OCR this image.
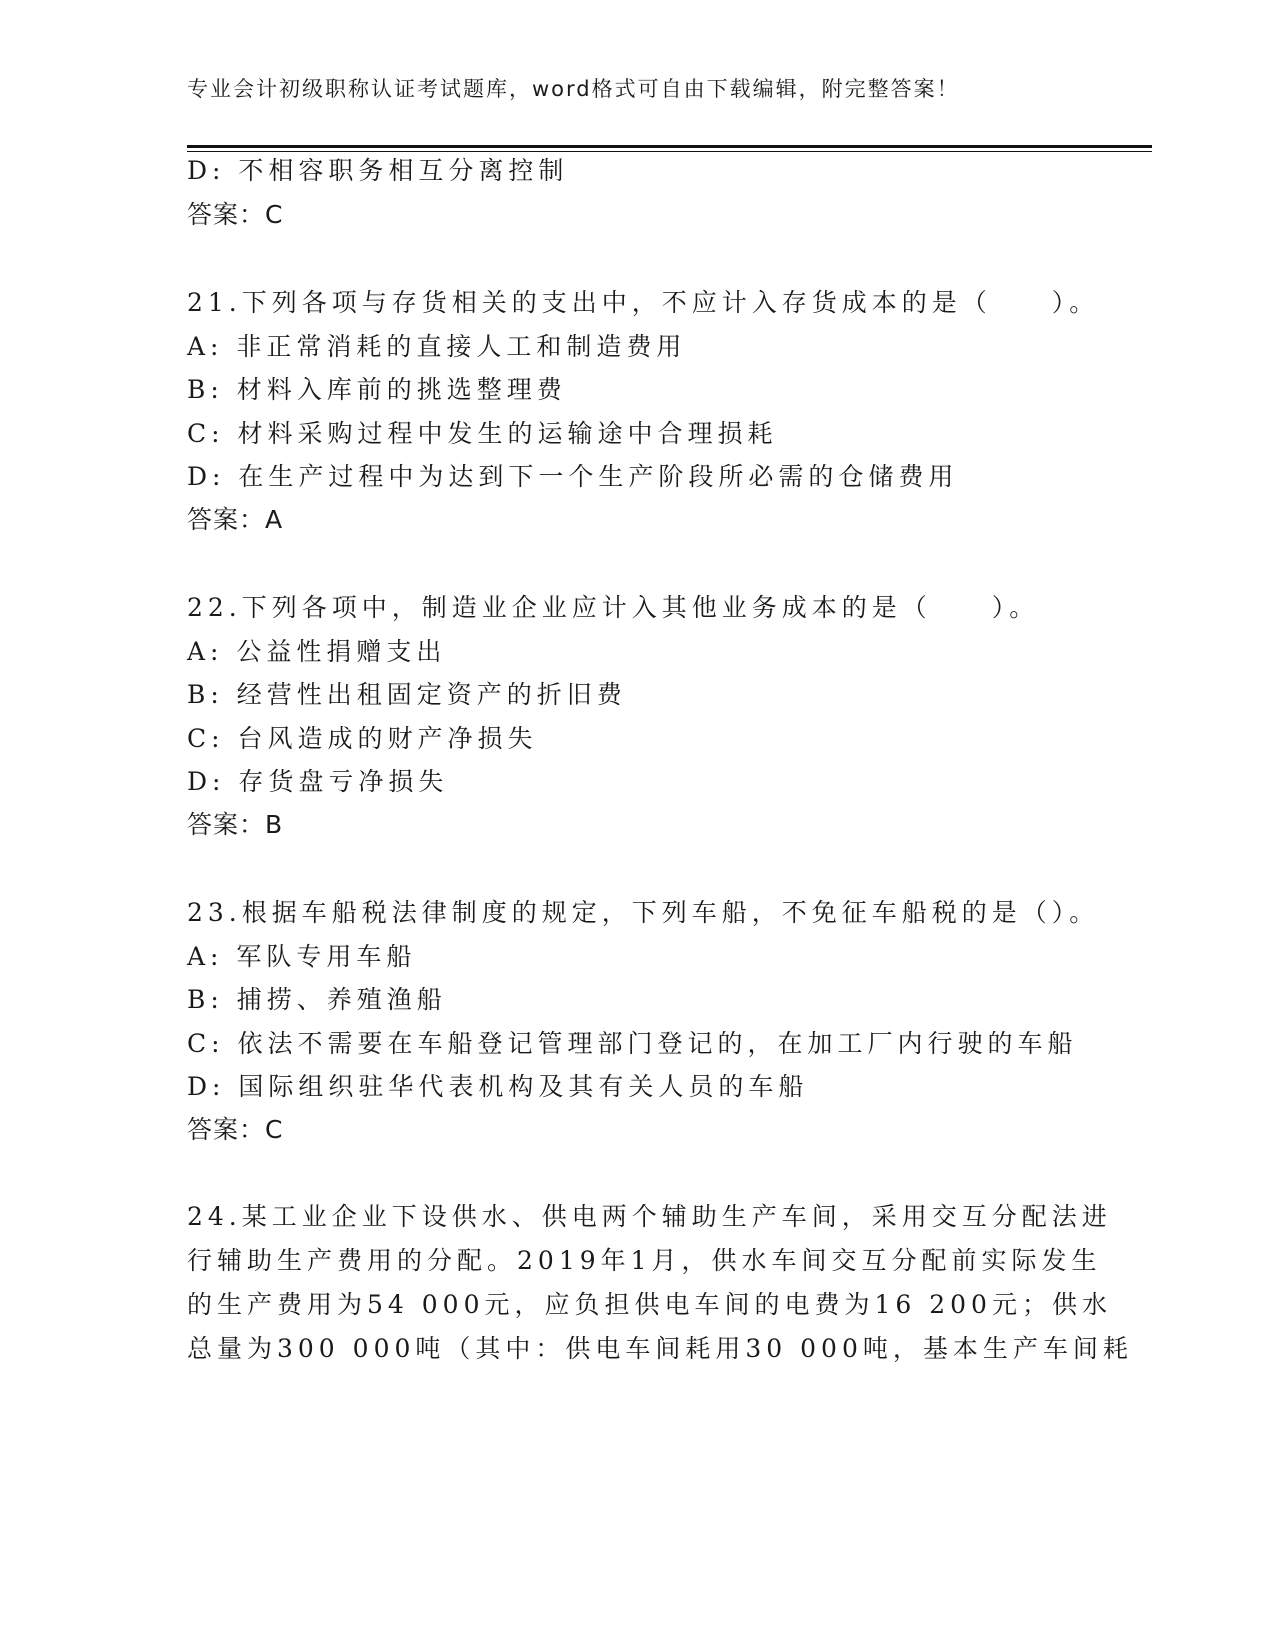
专业会计初级职称认证考试题库，word格式可自由下载编辑，附完整答案！
D: 不相容职务相互分离控制
答案：C
21.下列各项与存货相关的支出中，不应计入存货成本的是（　　）。
A: 非正常消耗的直接人工和制造费用
B: 材料入库前的挑选整理费
C: 材料采购过程中发生的运输途中合理损耗
D: 在生产过程中为达到下一个生产阶段所必需的仓储费用
答案：A
22.下列各项中，制造业企业应计入其他业务成本的是（　　）。
A: 公益性捐赠支出
B: 经营性出租固定资产的折旧费
C: 台风造成的财产净损失
D: 存货盘亏净损失
答案：B
23.根据车船税法律制度的规定，下列车船，不免征车船税的是（）。
A: 军队专用车船
B: 捕捞、养殖渔船
C: 依法不需要在车船登记管理部门登记的，在加工厂内行驶的车船
D: 国际组织驻华代表机构及其有关人员的车船
答案：C
24.某工业企业下设供水、供电两个辅助生产车间，采用交互分配法进
行辅助生产费用的分配。2019年1月，供水车间交互分配前实际发生
的生产费用为54 000元，应负担供电车间的电费为16 200元；供水
总量为300 000吨（其中：供电车间耗用30 000吨，基本生产车间耗
